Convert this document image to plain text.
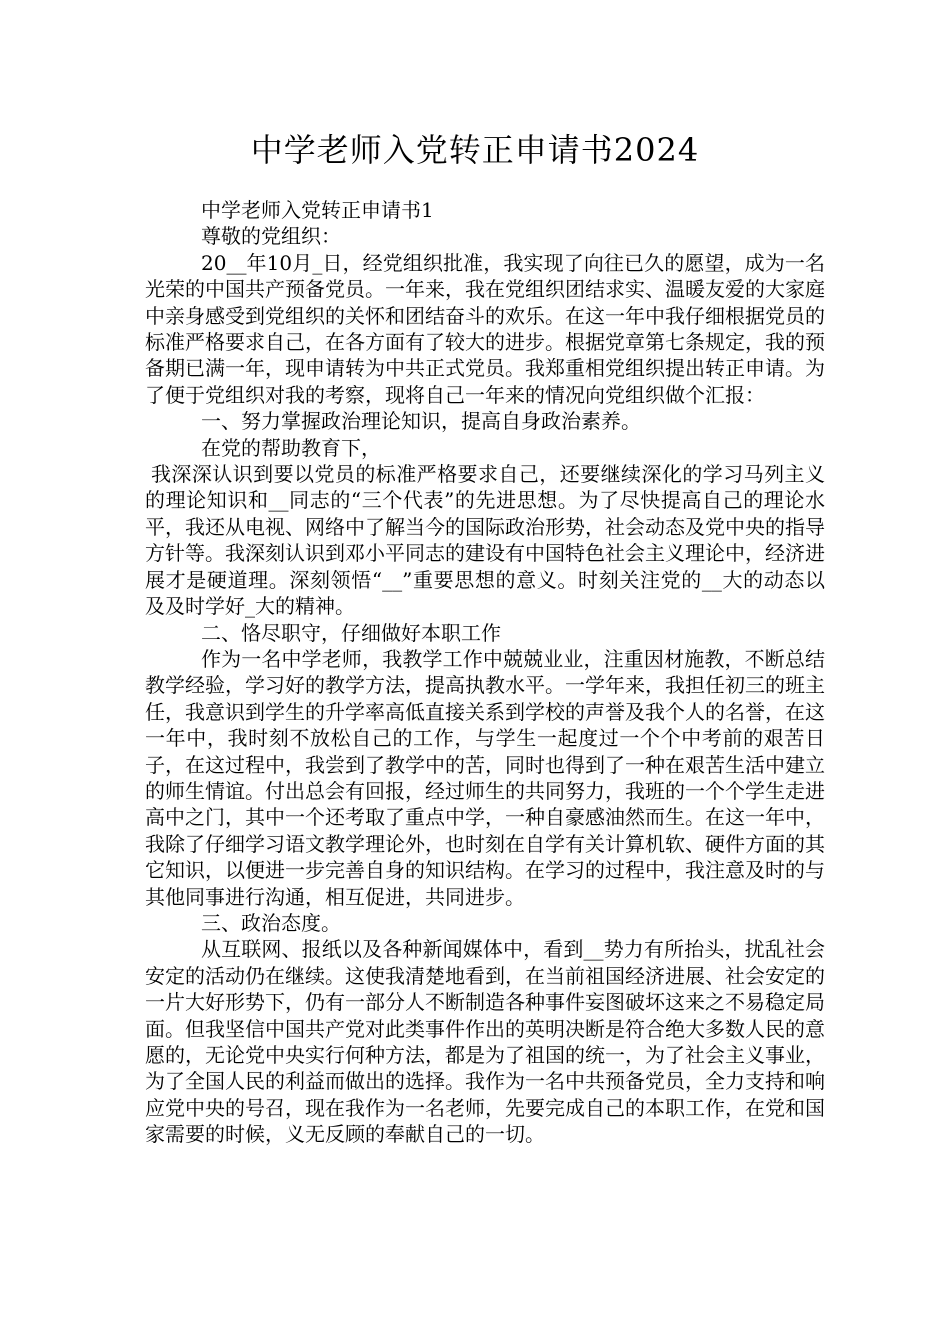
中学老师入党转正申请书2024

中学老师入党转正申请书1

尊敬的党组织：

20__年10月_日，经党组织批准，我实现了向往已久的愿望，成为一名光荣的中国共产预备党员。一年来，我在党组织团结求实、温暖友爱的大家庭中亲身感受到党组织的关怀和团结奋斗的欢乐。在这一年中我仔细根据党员的标准严格要求自己，在各方面有了较大的进步。根据党章第七条规定，我的预备期已满一年，现申请转为中共正式党员。我郑重相党组织提出转正申请。为了便于党组织对我的考察，现将自己一年来的情况向党组织做个汇报：

一、努力掌握政治理论知识，提高自身政治素养。

在党的帮助教育下，

我深深认识到要以党员的标准严格要求自己，还要继续深化的学习马列主义的理论知识和__同志的“三个代表”的先进思想。为了尽快提高自己的理论水平，我还从电视、网络中了解当今的国际政治形势，社会动态及党中央的指导方针等。我深刻认识到邓小平同志的建设有中国特色社会主义理论中，经济进展才是硬道理。深刻领悟“__”重要思想的意义。时刻关注党的__大的动态以及及时学好_大的精神。

二、恪尽职守，仔细做好本职工作

作为一名中学老师，我教学工作中兢兢业业，注重因材施教，不断总结教学经验，学习好的教学方法，提高执教水平。一学年来，我担任初三的班主任，我意识到学生的升学率高低直接关系到学校的声誉及我个人的名誉，在这一年中，我时刻不放松自己的工作，与学生一起度过一个个中考前的艰苦日子，在这过程中，我尝到了教学中的苦，同时也得到了一种在艰苦生活中建立的师生情谊。付出总会有回报，经过师生的共同努力，我班的一个个学生走进高中之门，其中一个还考取了重点中学，一种自豪感油然而生。在这一年中，我除了仔细学习语文教学理论外，也时刻在自学有关计算机软、硬件方面的其它知识，以便进一步完善自身的知识结构。在学习的过程中，我注意及时的与其他同事进行沟通，相互促进，共同进步。

三、政治态度。

从互联网、报纸以及各种新闻媒体中，看到__势力有所抬头，扰乱社会安定的活动仍在继续。这使我清楚地看到，在当前祖国经济进展、社会安定的一片大好形势下，仍有一部分人不断制造各种事件妄图破坏这来之不易稳定局面。但我坚信中国共产党对此类事件作出的英明决断是符合绝大多数人民的意愿的，无论党中央实行何种方法，都是为了祖国的统一，为了社会主义事业，为了全国人民的利益而做出的选择。我作为一名中共预备党员，全力支持和响应党中央的号召，现在我作为一名老师，先要完成自己的本职工作，在党和国家需要的时候，义无反顾的奉献自己的一切。
